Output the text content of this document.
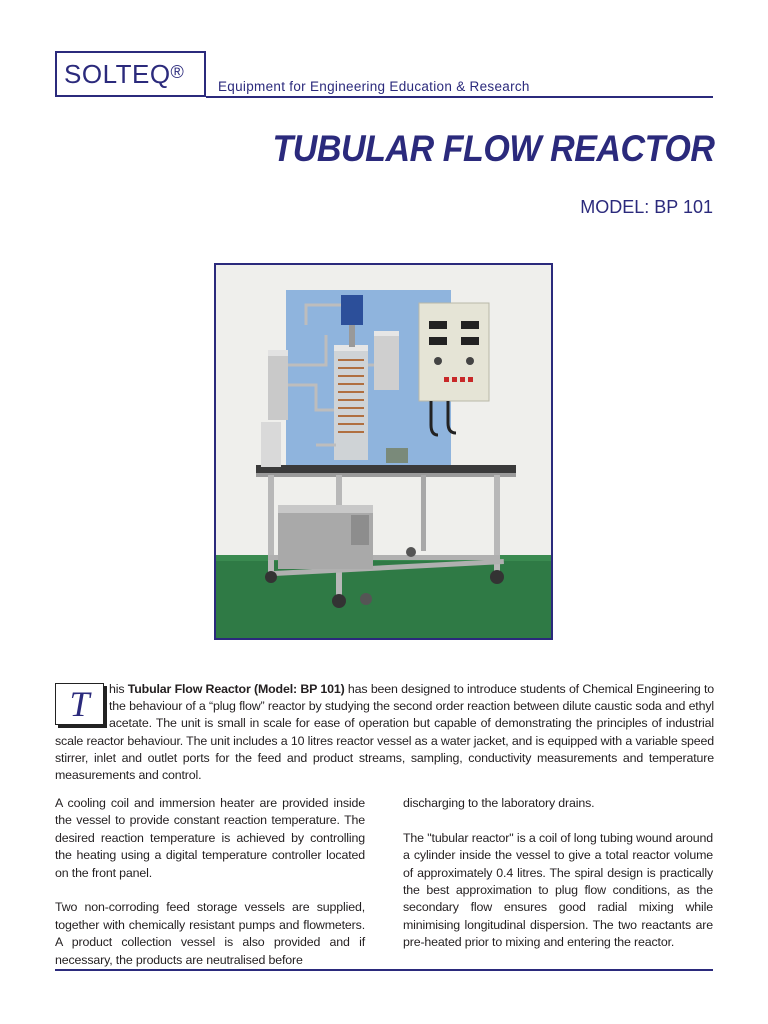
SOLTEQ®
Equipment for Engineering Education & Research
TUBULAR FLOW REACTOR
MODEL: BP 101
T	his Tubular Flow Reactor (Model: BP 101) has been designed to introduce students of Chemical Engineering to the behaviour of a “plug flow” reactor by studying the second order reaction between dilute caustic soda and ethyl acetate. The unit is small in scale for ease of operation but capable of demonstrating the principles of industrial scale reactor behaviour. The unit includes a 10 litres reactor vessel as a water jacket, and is equipped with a variable speed stirrer, inlet and outlet ports for the feed and product streams, sampling, conductivity measurements and temperature measurements and control.

A cooling coil and immersion heater are provided inside the vessel to provide constant reaction temperature. The desired reaction temperature is achieved by controlling the heating using a digital temperature controller located on the front panel.

Two non-corroding feed storage vessels are supplied, together with chemically resistant pumps and flowmeters. A product collection vessel is also provided and if necessary, the products are neutralised before

discharging to the laboratory drains.

The "tubular reactor" is a coil of long tubing wound around a cylinder inside the vessel to give a total reactor volume of approximately 0.4 litres. The spiral design is practically the best approximation to plug flow conditions, as the secondary flow ensures good radial mixing while minimising longitudinal dispersion. The two reactants are pre-heated prior to mixing and entering the reactor.
